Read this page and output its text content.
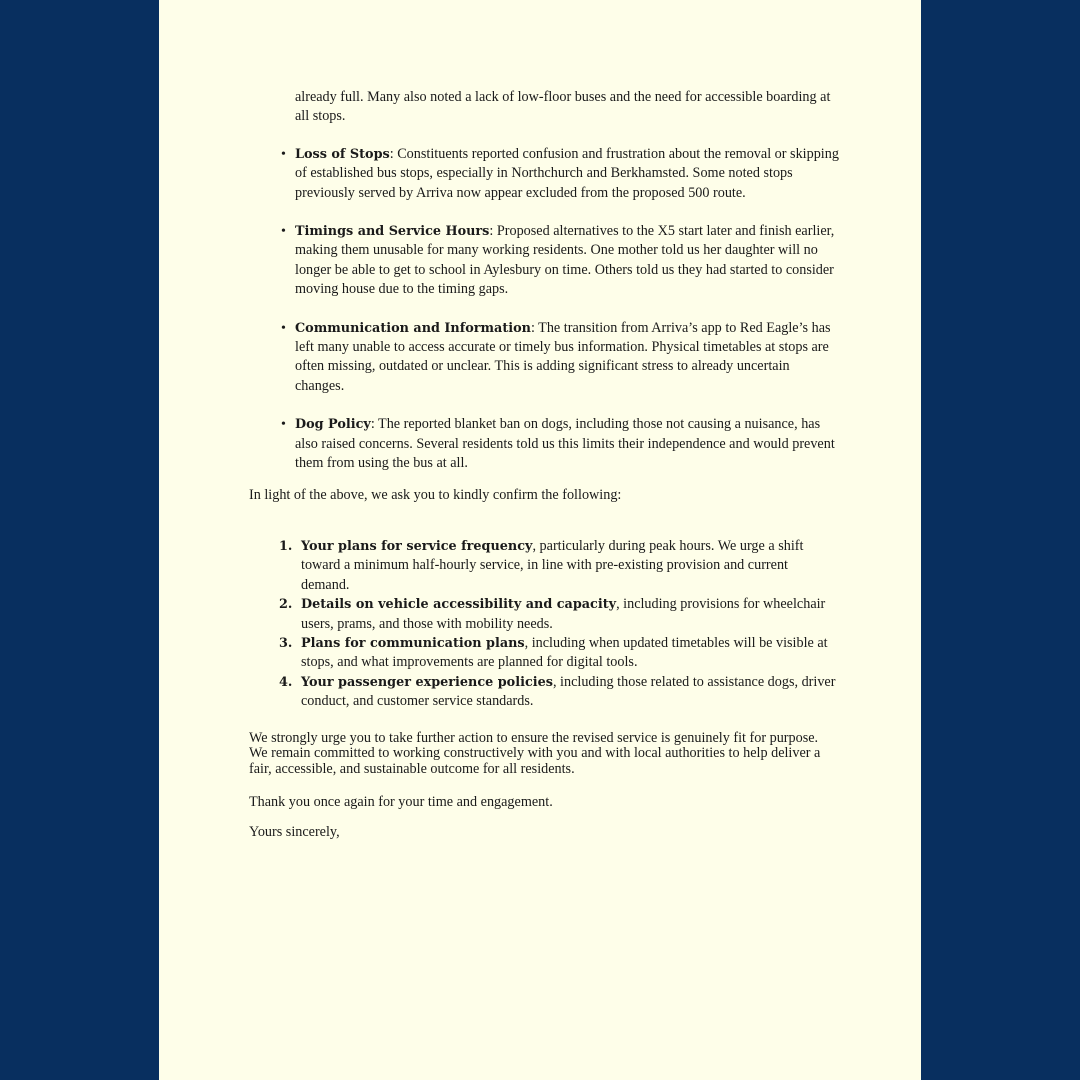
already full. Many also noted a lack of low-floor buses and the need for accessible boarding at all stops.

• Loss of Stops: Constituents reported confusion and frustration about the removal or skipping of established bus stops, especially in Northchurch and Berkhamsted. Some noted stops previously served by Arriva now appear excluded from the proposed 500 route.
• Timings and Service Hours: Proposed alternatives to the X5 start later and finish earlier, making them unusable for many working residents. One mother told us her daughter will no longer be able to get to school in Aylesbury on time. Others told us they had started to consider moving house due to the timing gaps.
• Communication and Information: The transition from Arriva’s app to Red Eagle’s has left many unable to access accurate or timely bus information. Physical timetables at stops are often missing, outdated or unclear. This is adding significant stress to already uncertain changes.
• Dog Policy: The reported blanket ban on dogs, including those not causing a nuisance, has also raised concerns. Several residents told us this limits their independence and would prevent them from using the bus at all.

In light of the above, we ask you to kindly confirm the following:

1. Your plans for service frequency, particularly during peak hours. We urge a shift toward a minimum half-hourly service, in line with pre-existing provision and current demand.
2. Details on vehicle accessibility and capacity, including provisions for wheelchair users, prams, and those with mobility needs.
3. Plans for communication plans, including when updated timetables will be visible at stops, and what improvements are planned for digital tools.
4. Your passenger experience policies, including those related to assistance dogs, driver conduct, and customer service standards.

We strongly urge you to take further action to ensure the revised service is genuinely fit for purpose. We remain committed to working constructively with you and with local authorities to help deliver a fair, accessible, and sustainable outcome for all residents.

Thank you once again for your time and engagement.

Yours sincerely,
